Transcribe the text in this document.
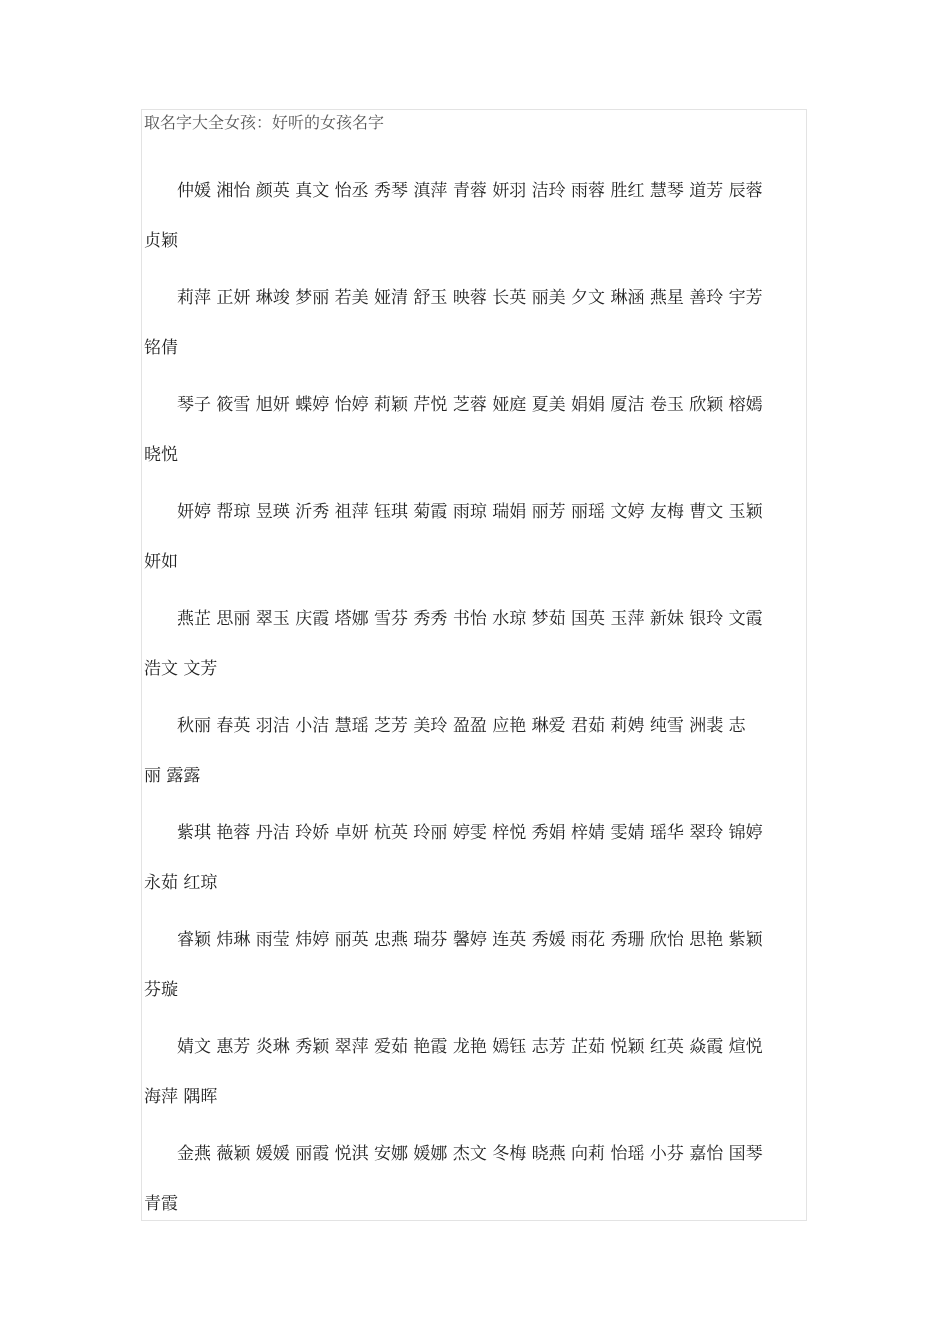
取名字大全女孩：好听的女孩名字

仲媛 湘怡 颜英 真文 怡丞 秀琴 滇萍 青蓉 妍羽 洁玲 雨蓉 胜红 慧琴 道芳 辰蓉
贞颖

莉萍 正妍 琳竣 梦丽 若美 娅清 舒玉 映蓉 长英 丽美 夕文 琳涵 燕星 善玲 宇芳
铭倩

琴子 筱雪 旭妍 蝶婷 怡婷 莉颖 芹悦 芝蓉 娅庭 夏美 娟娟 厦洁 卷玉 欣颖 榕嫣
晓悦

妍婷 帮琼 昱瑛 沂秀 祖萍 钰琪 菊霞 雨琼 瑞娟 丽芳 丽瑶 文婷 友梅 曹文 玉颖
妍如

燕芷 思丽 翠玉 庆霞 塔娜 雪芬 秀秀 书怡 水琼 梦茹 国英 玉萍 新妹 银玲 文霞
浩文 文芳

秋丽 春英 羽洁 小洁 慧瑶 芝芳 美玲 盈盈 应艳 琳爱 君茹 莉娉 纯雪 洲裴 志
丽 露露

紫琪 艳蓉 丹洁 玲娇 卓妍 杭英 玲丽 婷雯 梓悦 秀娟 梓婧 雯婧 瑶华 翠玲 锦婷
永茹 红琼

睿颖 炜琳 雨莹 炜婷 丽英 忠燕 瑞芬 馨婷 连英 秀媛 雨花 秀珊 欣怡 思艳 紫颖
芬璇

婧文 惠芳 炎琳 秀颖 翠萍 爱茹 艳霞 龙艳 嫣钰 志芳 芷茹 悦颖 红英 焱霞 煊悦
海萍 隅晖

金燕 薇颖 媛媛 丽霞 悦淇 安娜 媛娜 杰文 冬梅 晓燕 向莉 怡瑶 小芬 嘉怡 国琴
青霞
